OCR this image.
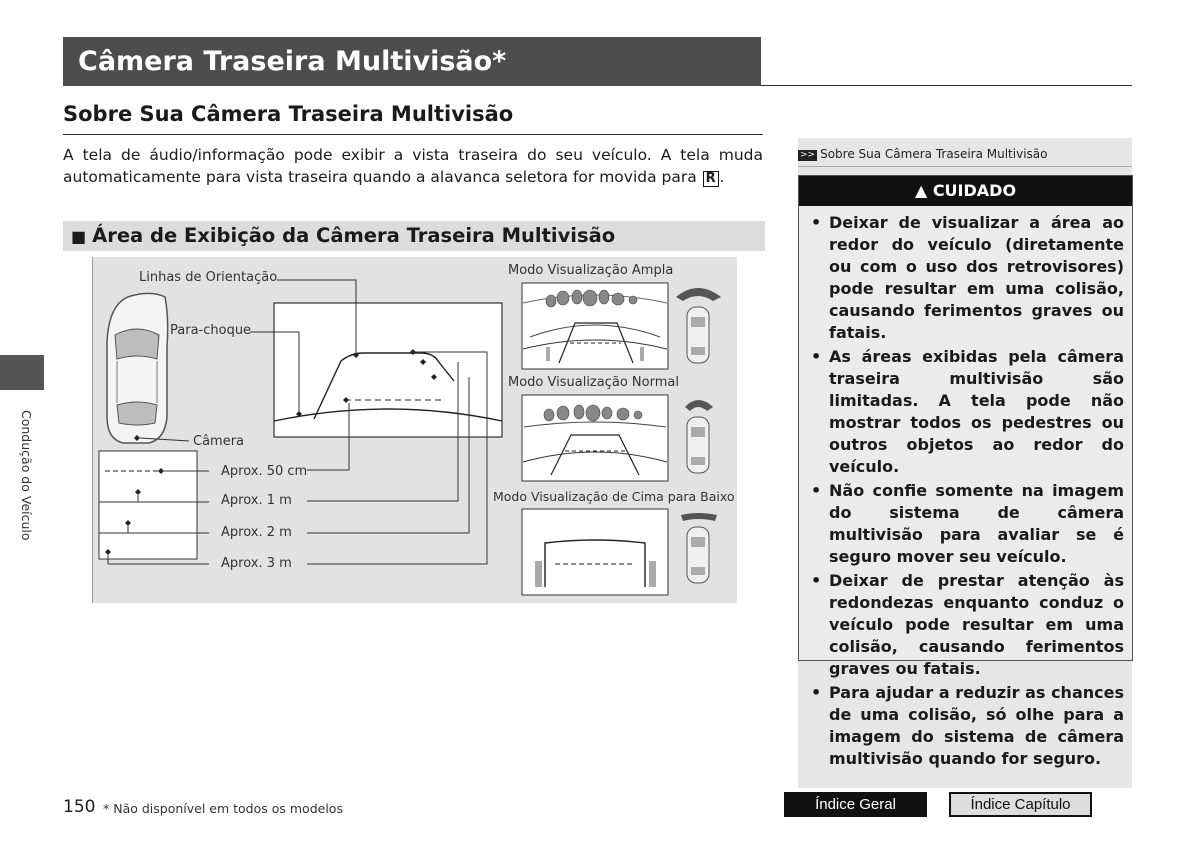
Câmera Traseira Multivisão*
Sobre Sua Câmera Traseira Multivisão
A tela de áudio/informação pode exibir a vista traseira do seu veículo. A tela muda automaticamente para vista traseira quando a alavanca seletora for movida para R .
■ Área de Exibição da Câmera Traseira Multivisão
Linhas de Orientação
Para-choque
Câmera
Aprox. 50 cm
Aprox. 1 m
Aprox. 2 m
Aprox. 3 m
Modo Visualização Ampla
Modo Visualização Normal
Modo Visualização de Cima para Baixo
>> Sobre Sua Câmera Traseira Multivisão
▲ CUIDADO
• Deixar de visualizar a área ao redor do veículo (diretamente ou com o uso dos retrovisores) pode resultar em uma colisão, causando ferimentos graves ou fatais.
• As áreas exibidas pela câmera traseira multivisão são limitadas. A tela pode não mostrar todos os pedestres ou outros objetos ao redor do veículo.
• Não confie somente na imagem do sistema de câmera multivisão para avaliar se é seguro mover seu veículo.
• Deixar de prestar atenção às redondezas enquanto conduz o veículo pode resultar em uma colisão, causando ferimentos graves ou fatais.
• Para ajudar a reduzir as chances de uma colisão, só olhe para a imagem do sistema de câmera multivisão quando for seguro.
Condução do Veículo
150 * Não disponível em todos os modelos	Índice Geral	Índice Capítulo
